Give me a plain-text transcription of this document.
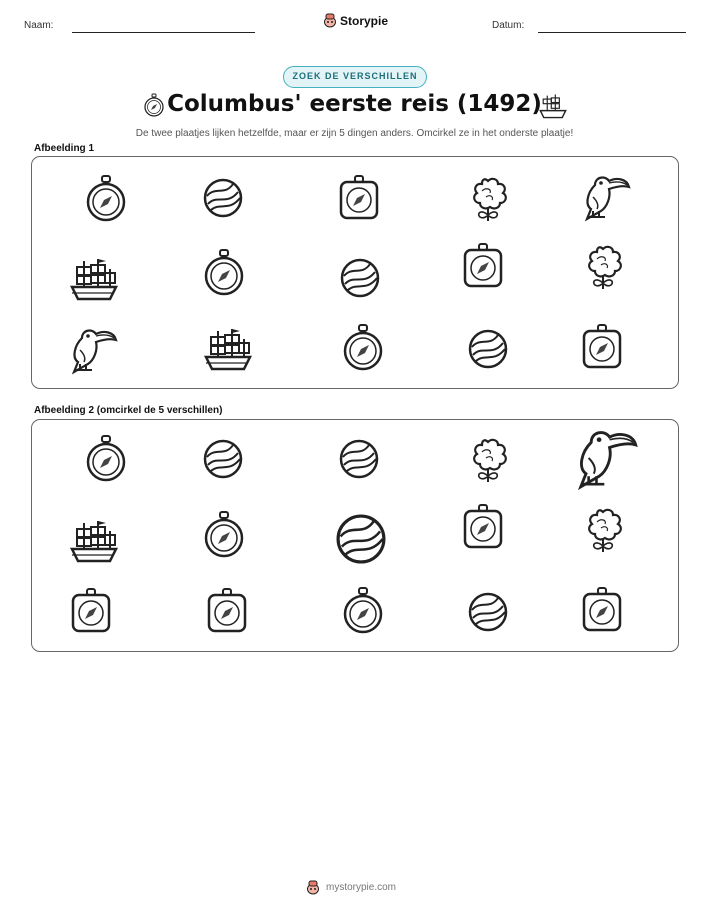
Naam:	Storypie	Datum:
ZOEK DE VERSCHILLEN
Columbus' eerste reis (1492)
De twee plaatjes lijken hetzelfde, maar er zijn 5 dingen anders. Omcirkel ze in het onderste plaatje!
Afbeelding 1
Afbeelding 2 (omcirkel de 5 verschillen)
mystorypie.com
